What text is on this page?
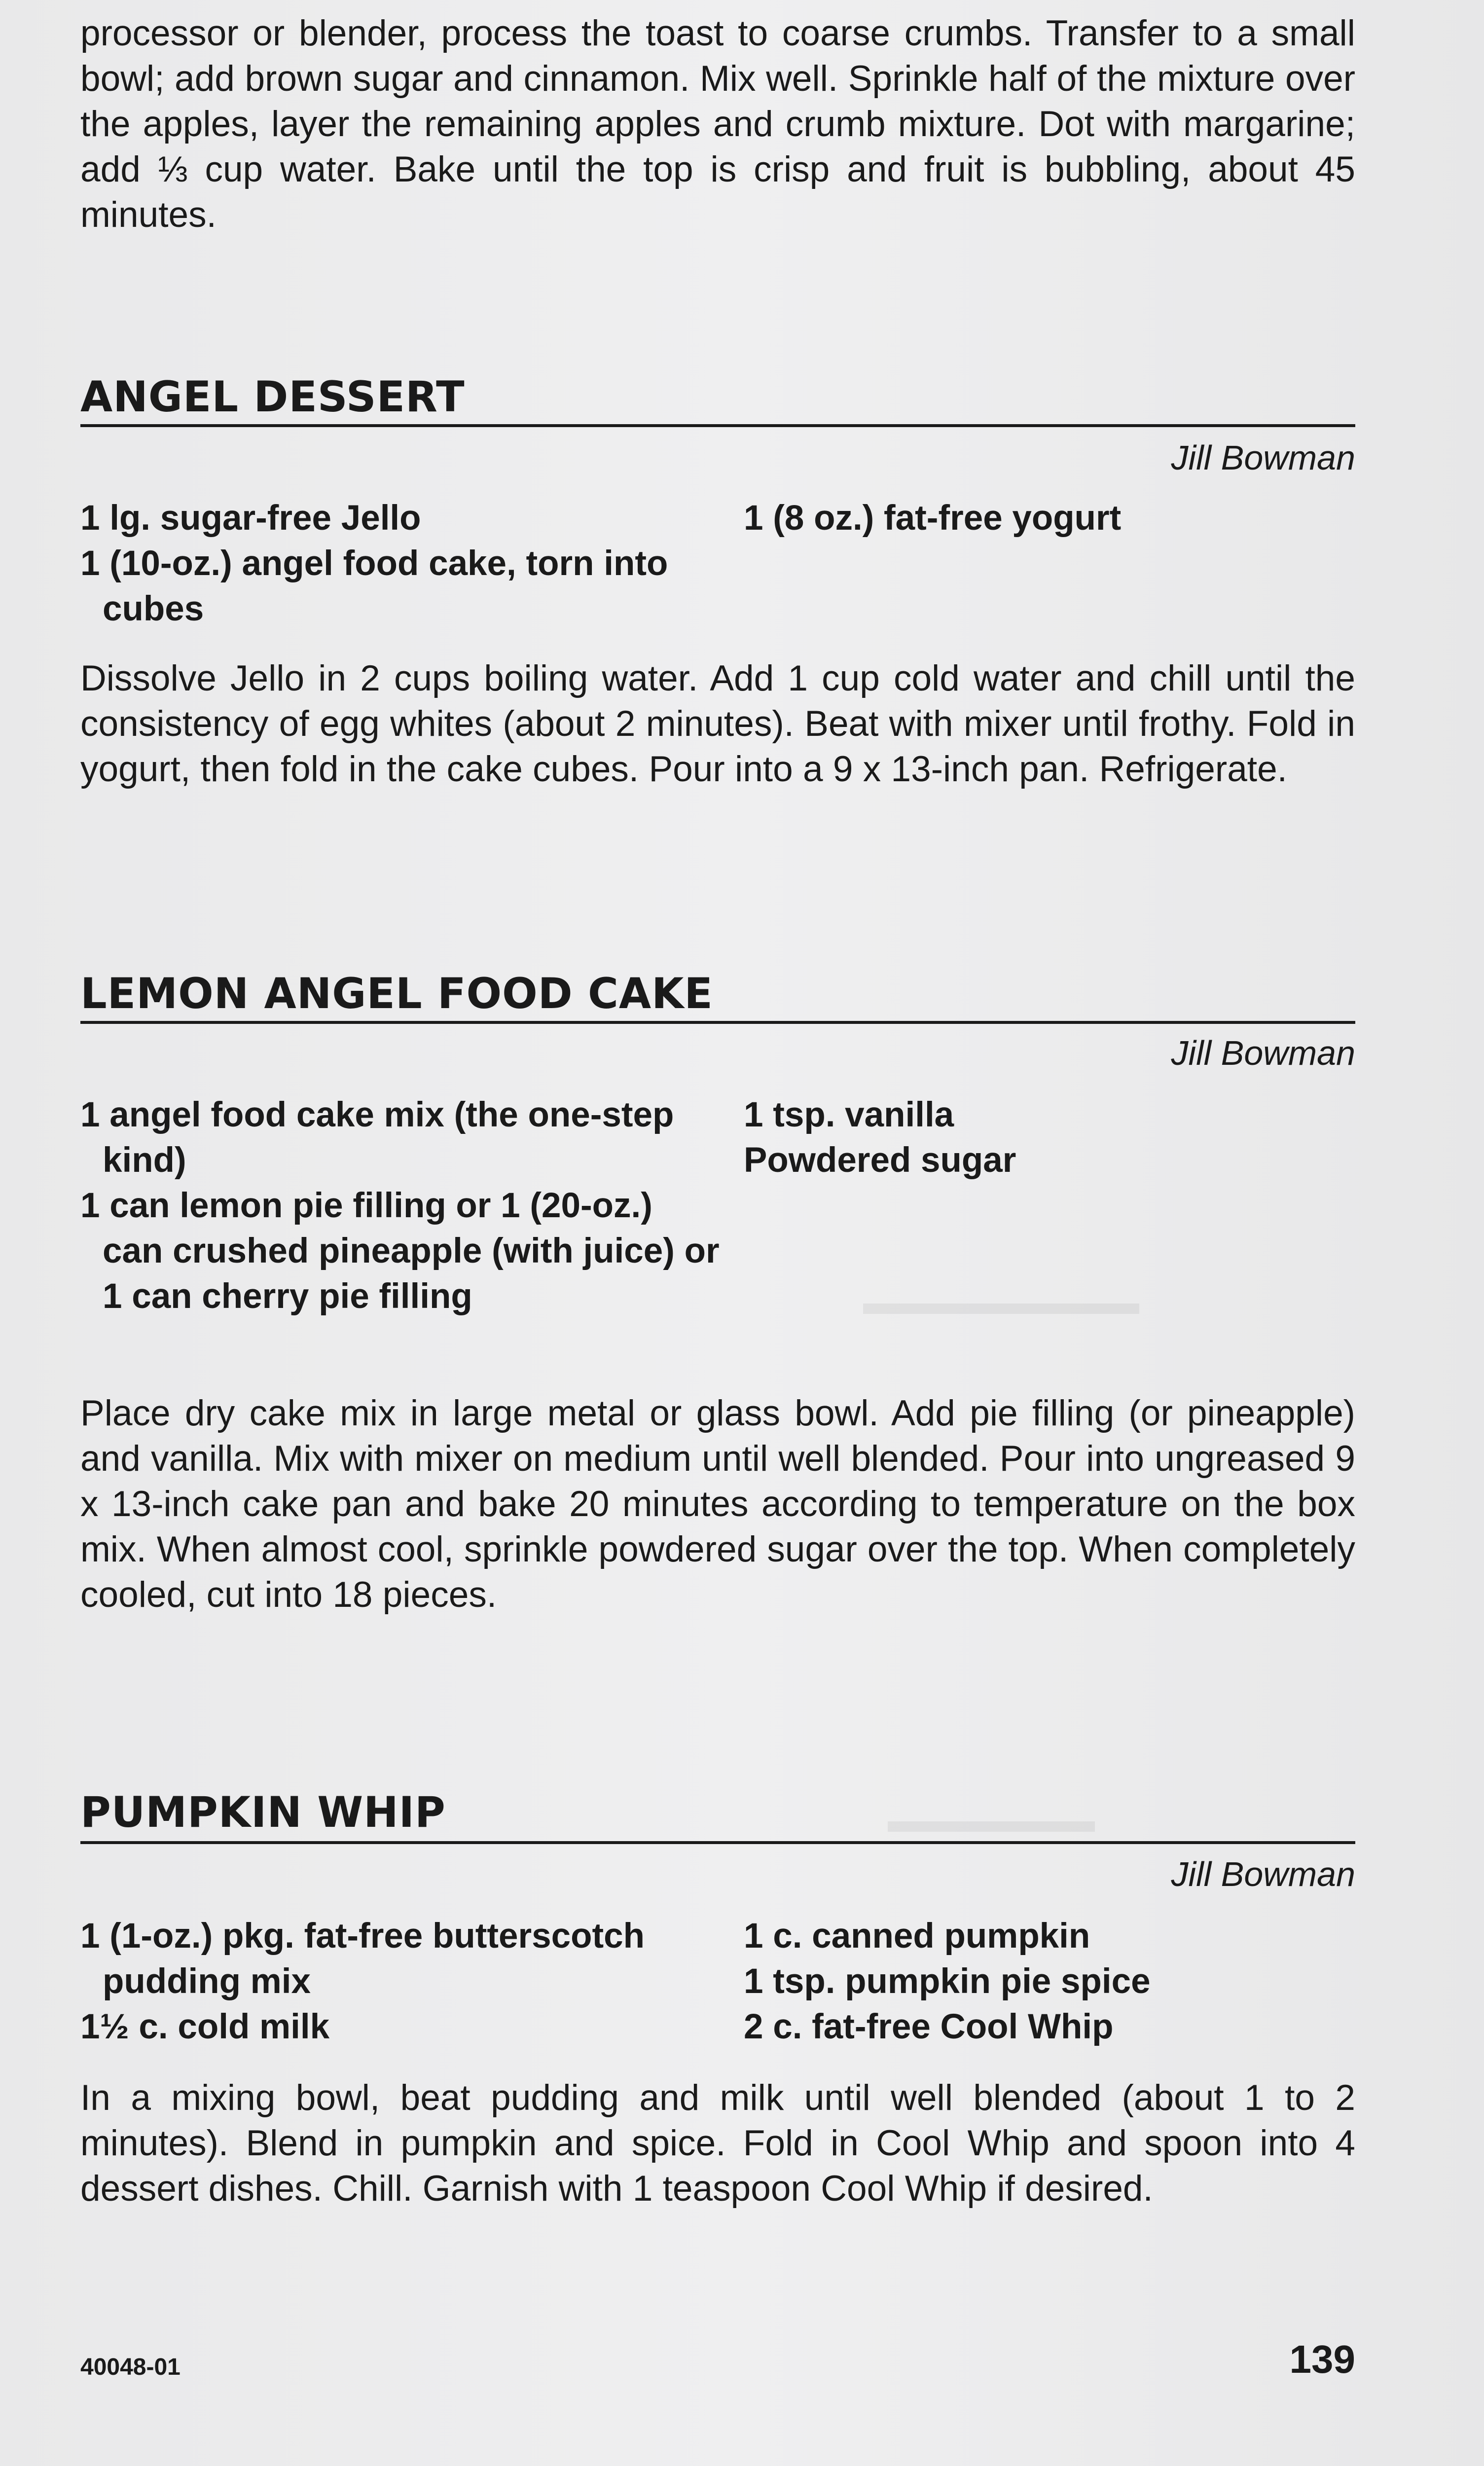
▬▬▬▬▬▬▬▬
▬▬▬▬▬▬

processor or blender, process the toast to coarse crumbs. Transfer to a small bowl; add brown sugar and cinnamon. Mix well. Sprinkle half of the mixture over the apples, layer the remaining apples and crumb mixture. Dot with margarine; add ⅓ cup water. Bake until the top is crisp and fruit is bubbling, about 45 minutes.

ANGEL DESSERT
Jill Bowman
1 lg. sugar-free Jello
1 (10-oz.) angel food cake, torn into cubes
1 (8 oz.) fat-free yogurt

Dissolve Jello in 2 cups boiling water. Add 1 cup cold water and chill until the consistency of egg whites (about 2 minutes). Beat with mixer until frothy. Fold in yogurt, then fold in the cake cubes. Pour into a 9 x 13-inch pan. Refrigerate.

LEMON ANGEL FOOD CAKE
Jill Bowman
1 angel food cake mix (the one-step kind)
1 can lemon pie filling or 1 (20-oz.) can crushed pineapple (with juice) or 1 can cherry pie filling
1 tsp. vanilla
Powdered sugar

Place dry cake mix in large metal or glass bowl. Add pie filling (or pineapple) and vanilla. Mix with mixer on medium until well blended. Pour into ungreased 9 x 13-inch cake pan and bake 20 minutes according to temperature on the box mix. When almost cool, sprinkle powdered sugar over the top. When completely cooled, cut into 18 pieces.

PUMPKIN WHIP
Jill Bowman
1 (1-oz.) pkg. fat-free butterscotch pudding mix
1½ c. cold milk
1 c. canned pumpkin
1 tsp. pumpkin pie spice
2 c. fat-free Cool Whip

In a mixing bowl, beat pudding and milk until well blended (about 1 to 2 minutes). Blend in pumpkin and spice. Fold in Cool Whip and spoon into 4 dessert dishes. Chill. Garnish with 1 teaspoon Cool Whip if desired.

40048-01	139
